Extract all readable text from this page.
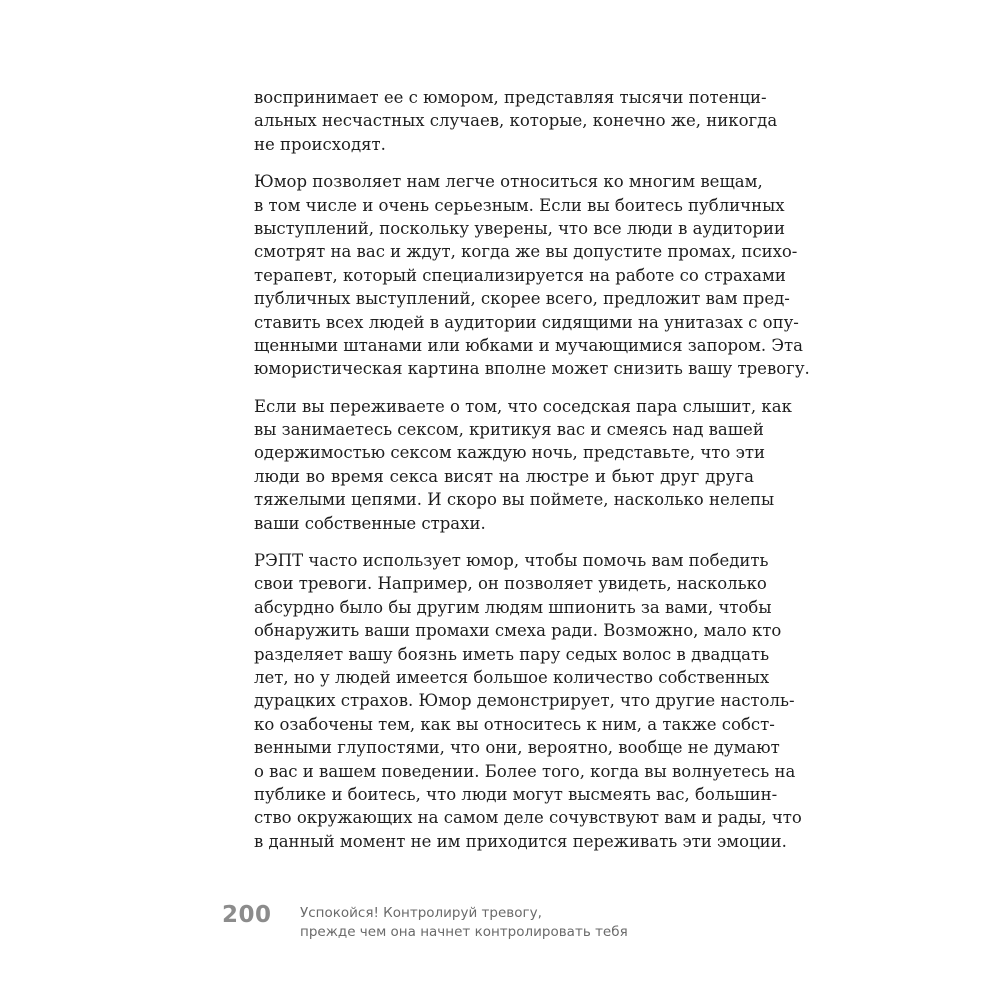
воспринимает ее с юмором, представляя тысячи потенци-
альных несчастных случаев, которые, конечно же, никогда
не происходят.
Юмор позволяет нам легче относиться ко многим вещам,
в том числе и очень серьезным. Если вы боитесь публичных
выступлений, поскольку уверены, что все люди в аудитории
смотрят на вас и ждут, когда же вы допустите промах, психо-
терапевт, который специализируется на работе со страхами
публичных выступлений, скорее всего, предложит вам пред-
ставить всех людей в аудитории сидящими на унитазах с опу-
щенными штанами или юбками и мучающимися запором. Эта
юмористическая картина вполне может снизить вашу тревогу.
Если вы переживаете о том, что соседская пара слышит, как
вы занимаетесь сексом, критикуя вас и смеясь над вашей
одержимостью сексом каждую ночь, представьте, что эти
люди во время секса висят на люстре и бьют друг друга
тяжелыми цепями. И скоро вы поймете, насколько нелепы
ваши собственные страхи.
РЭПТ часто использует юмор, чтобы помочь вам победить
свои тревоги. Например, он позволяет увидеть, насколько
абсурдно было бы другим людям шпионить за вами, чтобы
обнаружить ваши промахи смеха ради. Возможно, мало кто
разделяет вашу боязнь иметь пару седых волос в двадцать
лет, но у людей имеется большое количество собственных
дурацких страхов. Юмор демонстрирует, что другие настоль-
ко озабочены тем, как вы относитесь к ним, а также собст-
венными глупостями, что они, вероятно, вообще не думают
о вас и вашем поведении. Более того, когда вы волнуетесь на
публике и боитесь, что люди могут высмеять вас, большин-
ство окружающих на самом деле сочувствуют вам и рады, что
в данный момент не им приходится переживать эти эмоции.
200 Успокойся! Контролируй тревогу,
прежде чем она начнет контролировать тебя
